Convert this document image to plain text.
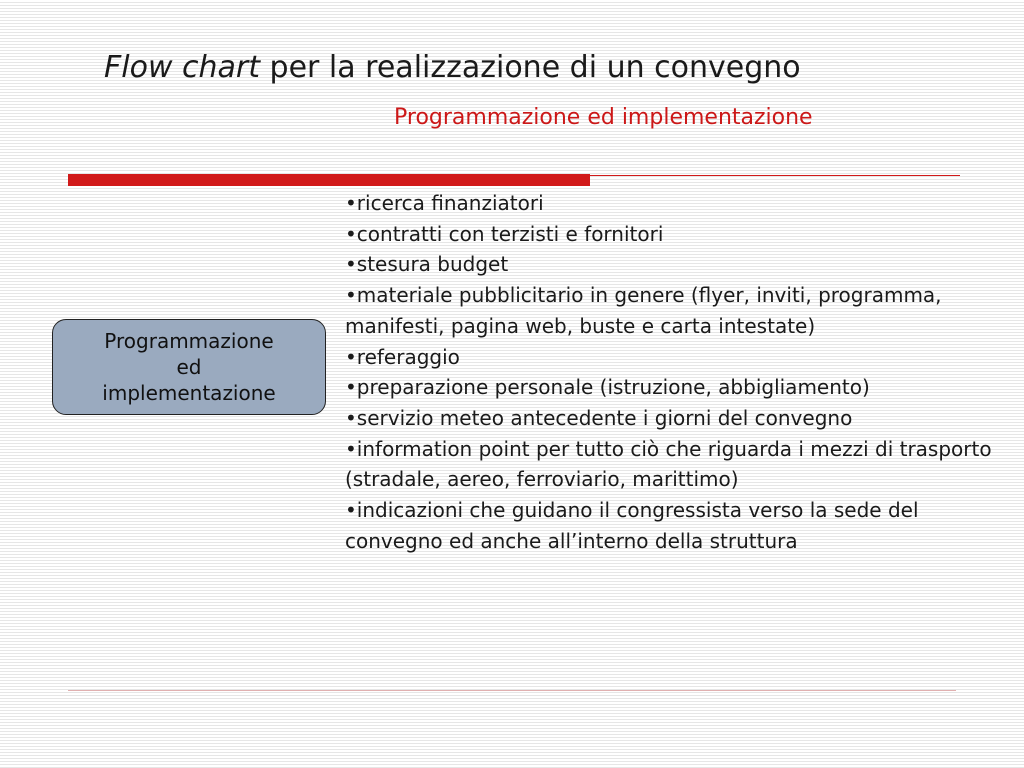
Flow chart per la realizzazione di un convegno
Programmazione ed implementazione
Programmazione
ed
implementazione
•ricerca finanziatori
•contratti con terzisti e fornitori
•stesura budget
•materiale pubblicitario in genere (flyer, inviti, programma, manifesti, pagina web, buste e carta intestate)
•referaggio
•preparazione personale (istruzione, abbigliamento)
•servizio meteo antecedente i giorni del convegno
•information point per tutto ciò che riguarda i mezzi di trasporto (stradale, aereo, ferroviario, marittimo)
•indicazioni che guidano il congressista verso la sede del convegno ed anche all’interno della struttura
